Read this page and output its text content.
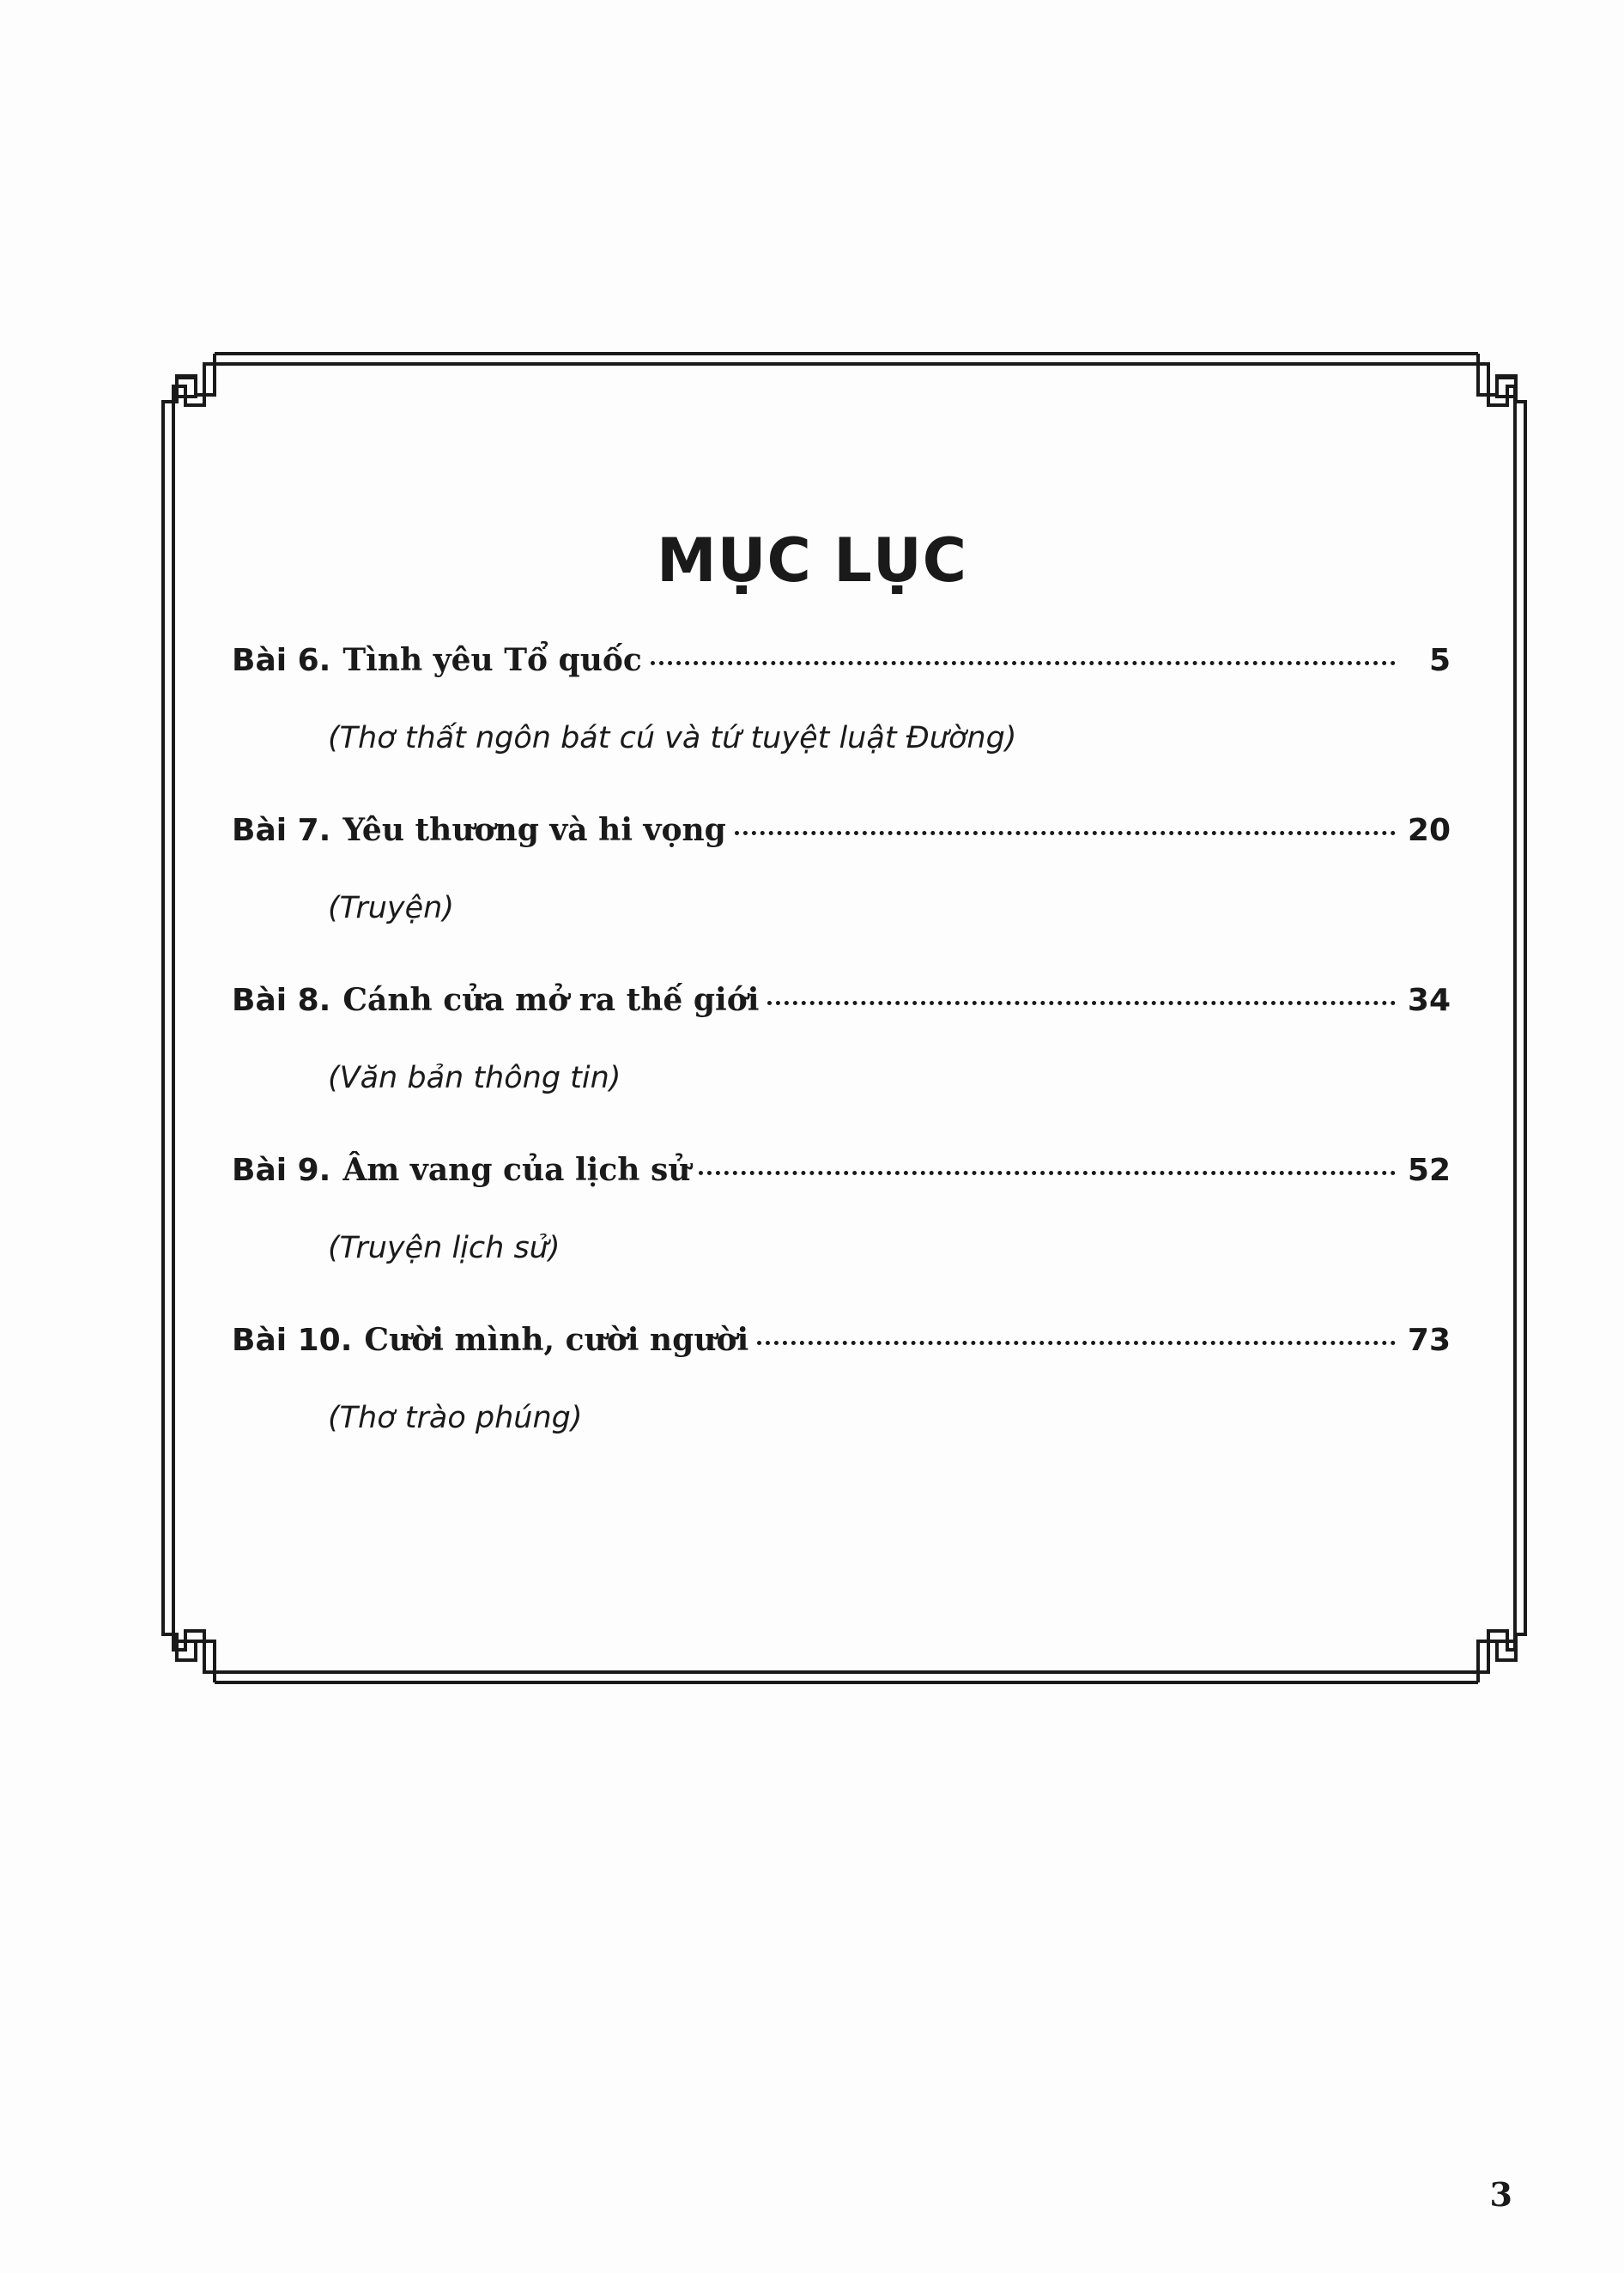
MỤC LỤC
Bài 6. Tình yêu Tổ quốc	5
(Thơ thất ngôn bát cú và tứ tuyệt luật Đường)
Bài 7. Yêu thương và hi vọng	20
(Truyện)
Bài 8. Cánh cửa mở ra thế giới	34
(Văn bản thông tin)
Bài 9. Âm vang của lịch sử	52
(Truyện lịch sử)
Bài 10. Cười mình, cười người	73
(Thơ trào phúng)
3
